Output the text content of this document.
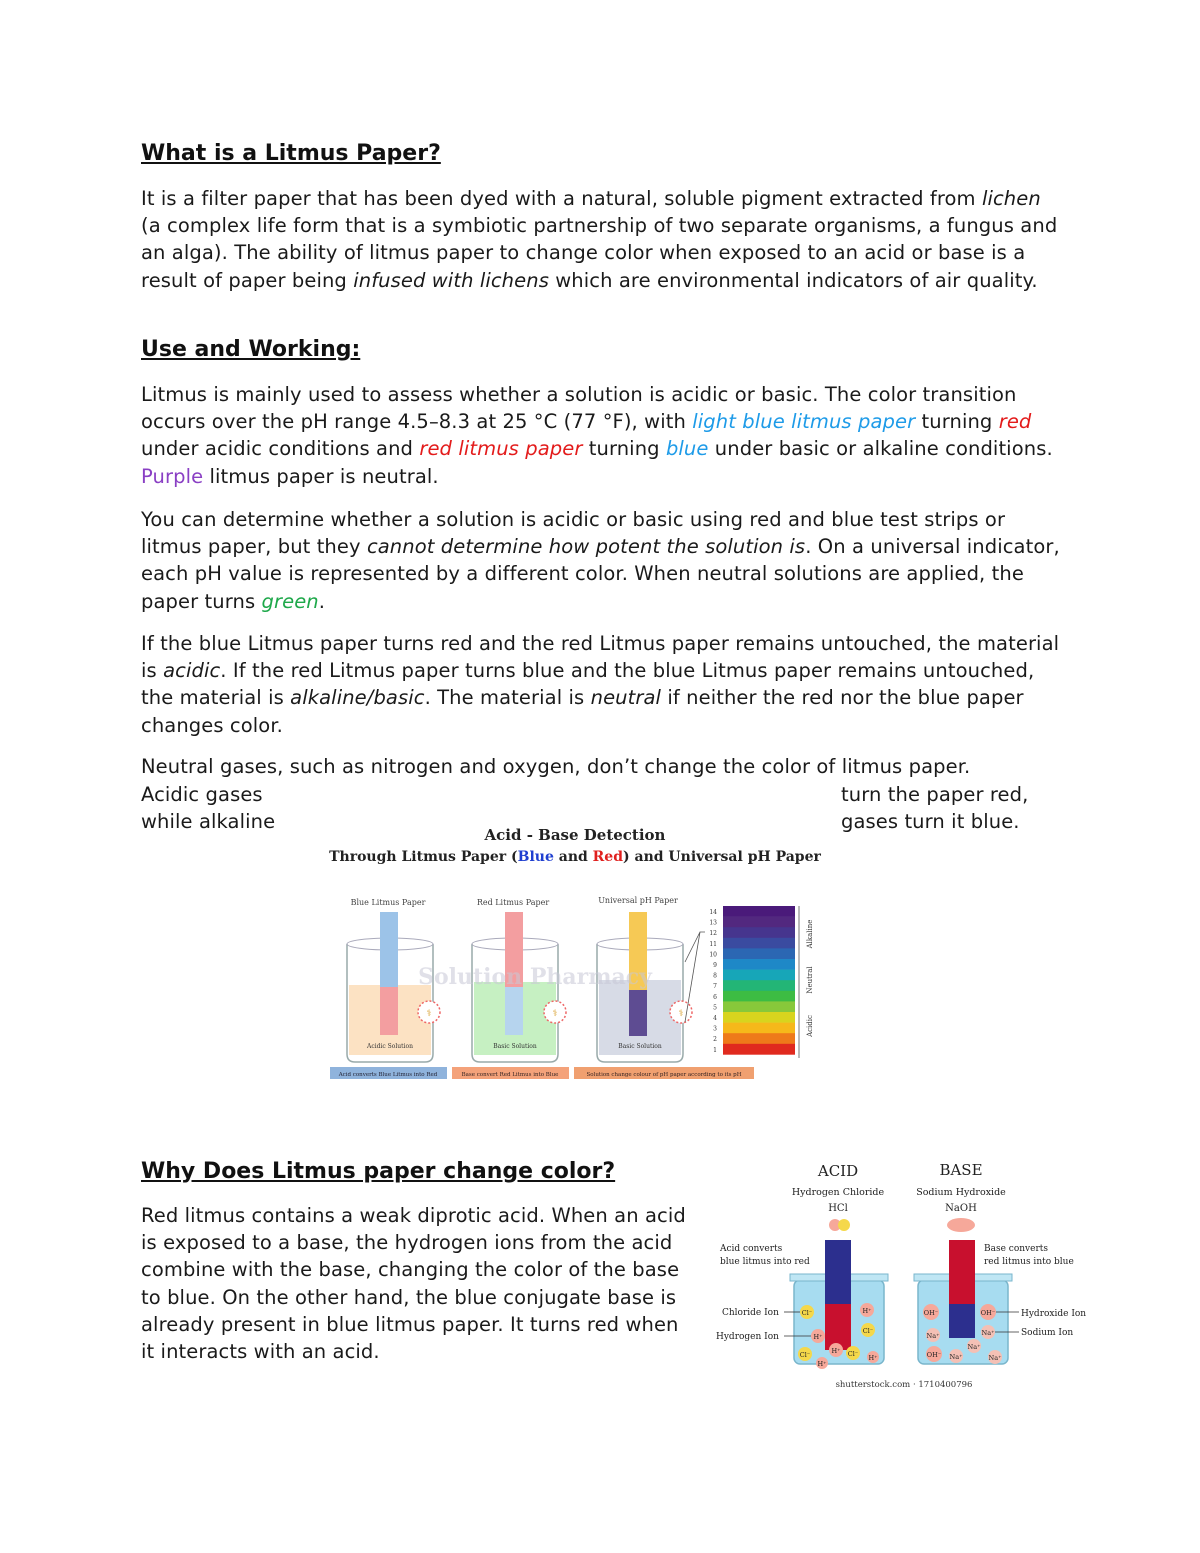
What is a Litmus Paper?

It is a filter paper that has been dyed with a natural, soluble pigment extracted from lichen (a complex life form that is a symbiotic partnership of two separate organisms, a fungus and an alga). The ability of litmus paper to change color when exposed to an acid or base is a result of paper being infused with lichens which are environmental indicators of air quality.

Use and Working:

Litmus is mainly used to assess whether a solution is acidic or basic. The color transition occurs over the pH range 4.5–8.3 at 25 °C (77 °F), with light blue litmus paper turning red under acidic conditions and red litmus paper turning blue under basic or alkaline conditions. Purple litmus paper is neutral.

You can determine whether a solution is acidic or basic using red and blue test strips or litmus paper, but they cannot determine how potent the solution is. On a universal indicator, each pH value is represented by a different color. When neutral solutions are applied, the paper turns green.

If the blue Litmus paper turns red and the red Litmus paper remains untouched, the material is acidic. If the red Litmus paper turns blue and the blue Litmus paper remains untouched, the material is alkaline/basic. The material is neutral if neither the red nor the blue paper changes color.

Neutral gases, such as nitrogen and oxygen, don’t change the color of litmus paper.

Acidic gases	turn the paper red,
while alkaline	gases turn it blue.
Acid - Base Detection
Through Litmus Paper (Blue and Red) and Universal pH Paper
Blue Litmus Paper	Red Litmus Paper	Universal pH Paper
⚕
Acidic Solution
⚕
Basic Solution
⚕
Basic Solution
Solution Pharmacy
14
13
12
11
10
9
8
7
6
5
4
3
2
1
Alkaline
Neutral
Acidic
Acid converts Blue Litmus into Red	Base convert Red Litmus into Blue	Solution change colour of pH paper according to its pH
Why Does Litmus paper change color?

Red litmus contains a weak diprotic acid. When an acid is exposed to a base, the hydrogen ions from the acid combine with the base, changing the color of the base to blue. On the other hand, the blue conjugate base is already present in blue litmus paper. It turns red when it interacts with an acid.

ACID
Hydrogen Chloride
HCl
BASE
Sodium Hydroxide
NaOH
Acid converts
blue litmus into red
Base converts
red litmus into blue
Cl⁻	H⁺
H⁺
Cl⁻
Cl⁻	H⁺ Cl⁻
H⁺
H⁺
OH⁻	OH⁻
Na⁺	Na⁺
Na⁺
OH⁻ Na⁺	Na⁺
Chloride Ion
Hydrogen Ion
Hydroxide Ion
Sodium Ion
shutterstock.com · 1710400796
